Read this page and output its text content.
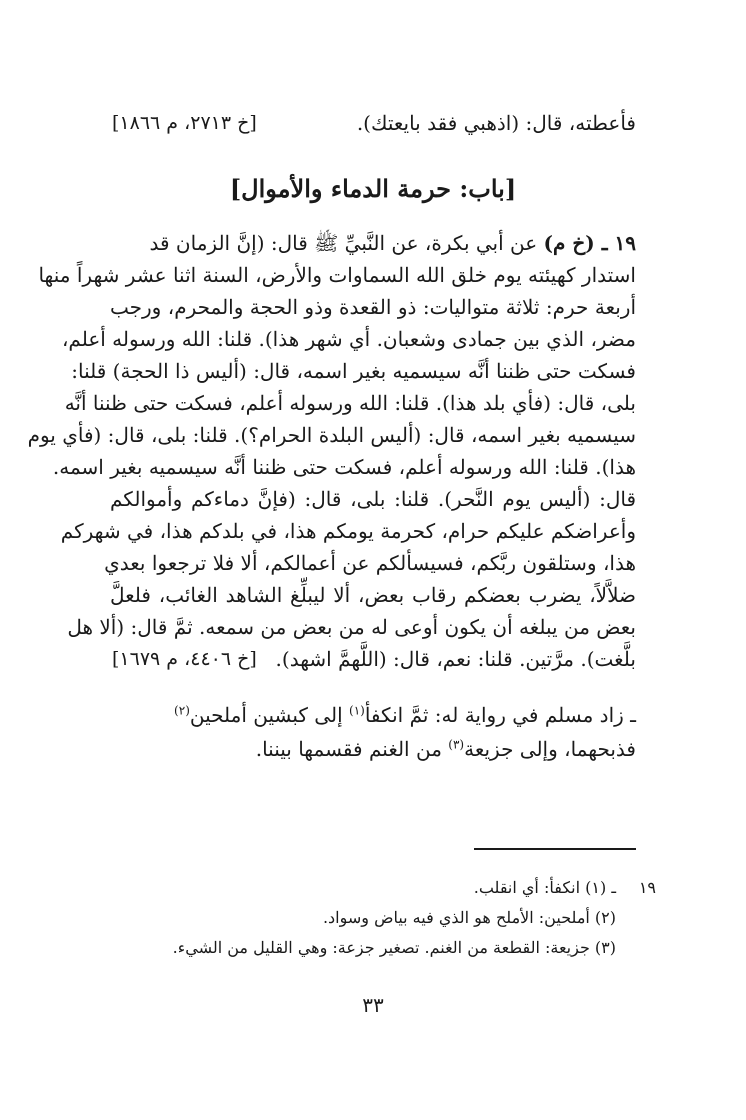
فأعطته، قال: (اذهبي فقد بايعتك).
[خ ٢٧١٣، م ١٨٦٦]
[باب: حرمة الدماء والأموال]
١٩ ـ (خ م) عن أبي بكرة، عن النَّبيِّ ﷺ قال: (إنَّ الزمان قد
استدار كهيئته يوم خلق الله السماوات والأرض، السنة اثنا عشر شهراً منها
أربعة حرم: ثلاثة متواليات: ذو القعدة وذو الحجة والمحرم، ورجب
مضر، الذي بين جمادى وشعبان. أي شهر هذا). قلنا: الله ورسوله أعلم،
فسكت حتى ظننا أنَّه سيسميه بغير اسمه، قال: (أليس ذا الحجة) قلنا:
بلى، قال: (فأي بلد هذا). قلنا: الله ورسوله أعلم، فسكت حتى ظننا أنَّه
سيسميه بغير اسمه، قال: (أليس البلدة الحرام؟). قلنا: بلى، قال: (فأي يوم
هذا). قلنا: الله ورسوله أعلم، فسكت حتى ظننا أنَّه سيسميه بغير اسمه.
قال: (أليس يوم النَّحر). قلنا: بلى، قال: (فإنَّ دماءكم وأموالكم
وأعراضكم عليكم حرام، كحرمة يومكم هذا، في بلدكم هذا، في شهركم
هذا، وستلقون ربَّكم، فسيسألكم عن أعمالكم، ألا فلا ترجعوا بعدي
ضلاَّلاً، يضرب بعضكم رقاب بعض، ألا ليبلِّغ الشاهد الغائب، فلعلَّ
بعض من يبلغه أن يكون أوعى له من بعض من سمعه. ثمَّ قال: (ألا هل
بلَّغت). مرَّتين. قلنا: نعم، قال: (اللَّهمَّ اشهد).
[خ ٤٤٠٦، م ١٦٧٩]
ـ زاد مسلم في رواية له: ثمَّ انكفأ$^{(١)}$ إلى كبشين أملحين$^{(٢)}$
فذبحهما، وإلى جزيعة$^{(٣)}$ من الغنم فقسمها بيننا.
١٩
ـ (١) انكفأ: أي انقلب.
(٢) أملحين: الأملح هو الذي فيه بياض وسواد.
(٣) جزيعة: القطعة من الغنم. تصغير جزعة: وهي القليل من الشيء.
٣٣
